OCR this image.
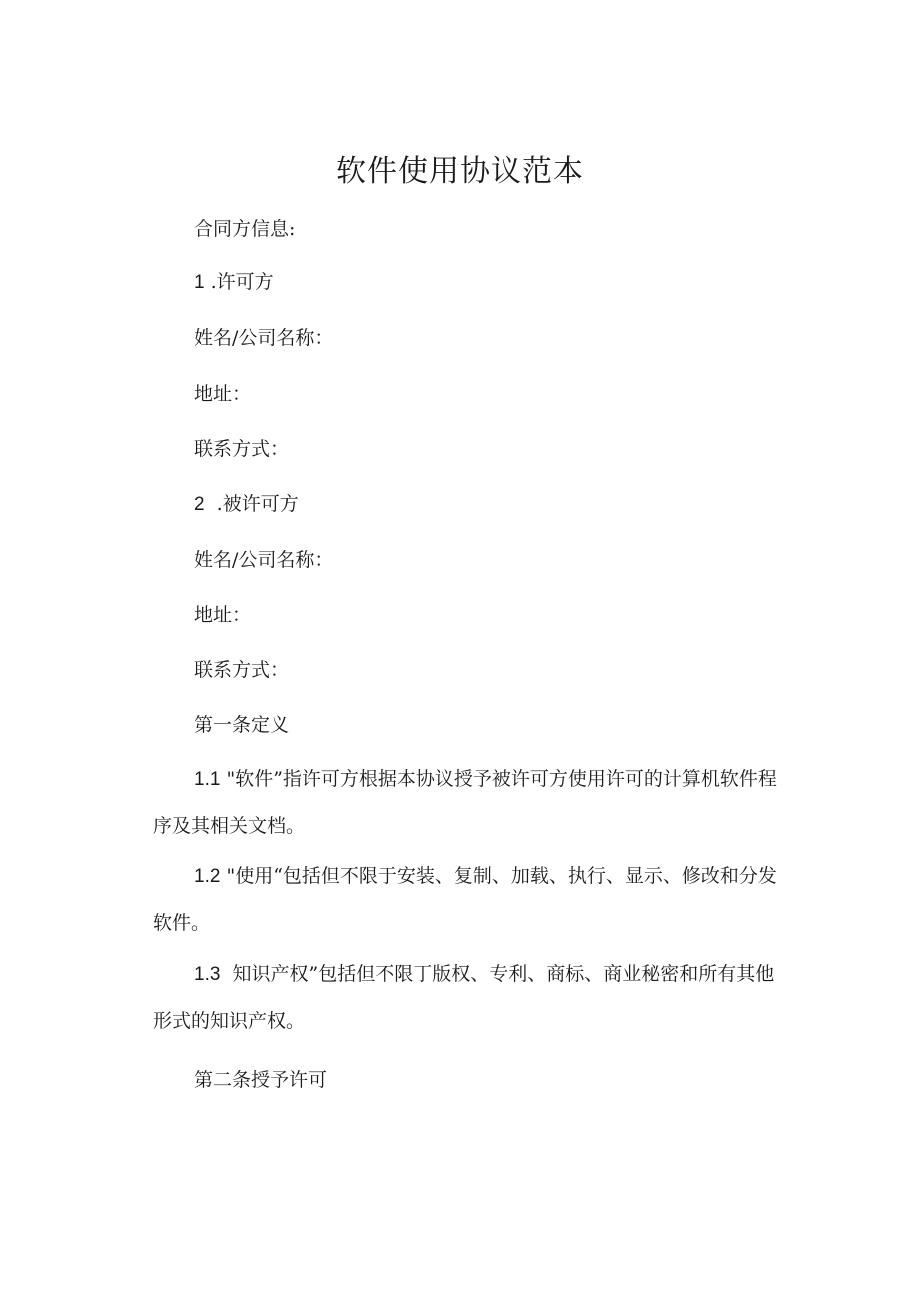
软件使用协议范本
合同方信息:
1 .许可方
姓名/公司名称：
地址：
联系方式：
2 .被许可方
姓名/公司名称：
地址：
联系方式：
第一条定义
1.1 "软件”指许可方根据本协议授予被许可方使用许可的计算机软件程序及其相关文档。
1.2 "使用“包括但不限于安装、复制、加载、执行、显示、修改和分发软件。
1.3 知识产权”包括但不限丁版权、专利、商标、商业秘密和所有其他形式的知识产权。
第二条授予许可
